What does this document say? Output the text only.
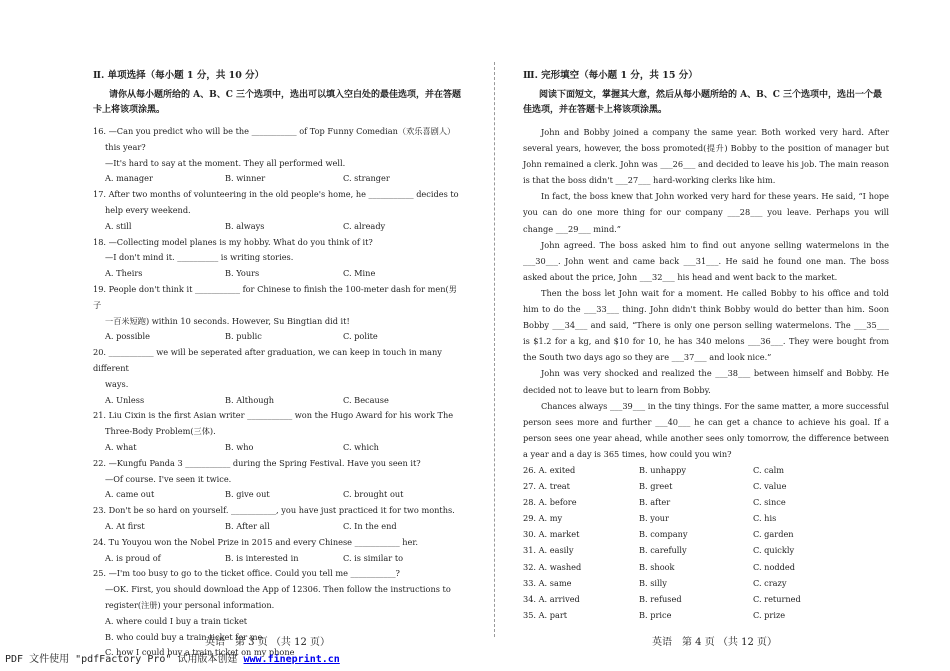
Ⅱ. 单项选择（每小题 1 分，共 10 分）
请你从每小题所给的 A、B、C 三个选项中，选出可以填入空白处的最佳选项，并在答题卡上将该项涂黑。
16. —Can you predict who will be the ___________ of Top Funny Comedian（欢乐喜剧人）
this year?
—It's hard to say at the moment. They all performed well.
A. manager	B. winner	C. stranger
17. After two months of volunteering in the old people's home, he ___________ decides to
help every weekend.
A. still	B. always	C. already
18. —Collecting model planes is my hobby. What do you think of it?
—I don't mind it. __________ is writing stories.
A. Theirs	B. Yours	C. Mine
19. People don't think it ___________ for Chinese to finish the 100-meter dash for men(男子
一百米短跑) within 10 seconds. However, Su Bingtian did it!
A. possible	B. public	C. polite
20. ___________ we will be seperated after graduation, we can keep in touch in many different
ways.
A. Unless	B. Although	C. Because
21. Liu Cixin is the first Asian writer ___________ won the Hugo Award for his work The
Three-Body Problem(三体).
A. what	B. who	C. which
22. —Kungfu Panda 3 ___________ during the Spring Festival. Have you seen it?
—Of course. I've seen it twice.
A. came out	B. give out	C. brought out
23. Don't be so hard on yourself. ___________, you have just practiced it for two months.
A. At first	B. After all	C. In the end
24. Tu Youyou won the Nobel Prize in 2015 and every Chinese ___________ her.
A. is proud of	B. is interested in	C. is similar to
25. —I'm too busy to go to the ticket office. Could you tell me ___________?
—OK. First, you should download the App of 12306. Then follow the instructions to
register(注册) your personal information.
A. where could I buy a train ticket
B. who could buy a train ticket for me
C. how I could buy a train ticket on my phone
Ⅲ. 完形填空（每小题 1 分，共 15 分）
阅读下面短文，掌握其大意，然后从每小题所给的 A、B、C 三个选项中，选出一个最佳选项，并在答题卡上将该项涂黑。

John and Bobby joined a company the same year. Both worked very hard. After several years, however, the boss promoted(提升) Bobby to the position of manager but John remained a clerk. John was ___26___ and decided to leave his job. The main reason is that the boss didn't ___27___ hard-working clerks like him.

In fact, the boss knew that John worked very hard for these years. He said, “I hope you can do one more thing for our company ___28___ you leave. Perhaps you will change ___29___ mind.”

John agreed. The boss asked him to find out anyone selling watermelons in the ___30___. John went and came back ___31___. He said he found one man. The boss asked about the price, John ___32___ his head and went back to the market.

Then the boss let John wait for a moment. He called Bobby to his office and told him to do the ___33___ thing. John didn't think Bobby would do better than him. Soon Bobby ___34___ and said, “There is only one person selling watermelons. The ___35___ is $1.2 for a kg, and $10 for 10, he has 340 melons ___36___. They were bought from the South two days ago so they are ___37___ and look nice.”

John was very shocked and realized the ___38___ between himself and Bobby. He decided not to leave but to learn from Bobby.

Chances always ___39___ in the tiny things. For the same matter, a more successful person sees more and further ___40___ he can get a chance to achieve his goal. If a person sees one year ahead, while another sees only tomorrow, the difference between a year and a day is 365 times, how could you win?

26. A. exited	B. unhappy	C. calm
27. A. treat	B. greet	C. value
28. A. before	B. after	C. since
29. A. my	B. your	C. his
30. A. market	B. company	C. garden
31. A. easily	B. carefully	C. quickly
32. A. washed	B. shook	C. nodded
33. A. same	B. silly	C. crazy
34. A. arrived	B. refused	C. returned
35. A. part	B. price	C. prize
英语　第 3 页 （共 12 页）	英语　第 4 页 （共 12 页）
PDF 文件使用 "pdfFactory Pro" 试用版本创建 www.fineprint.cn
